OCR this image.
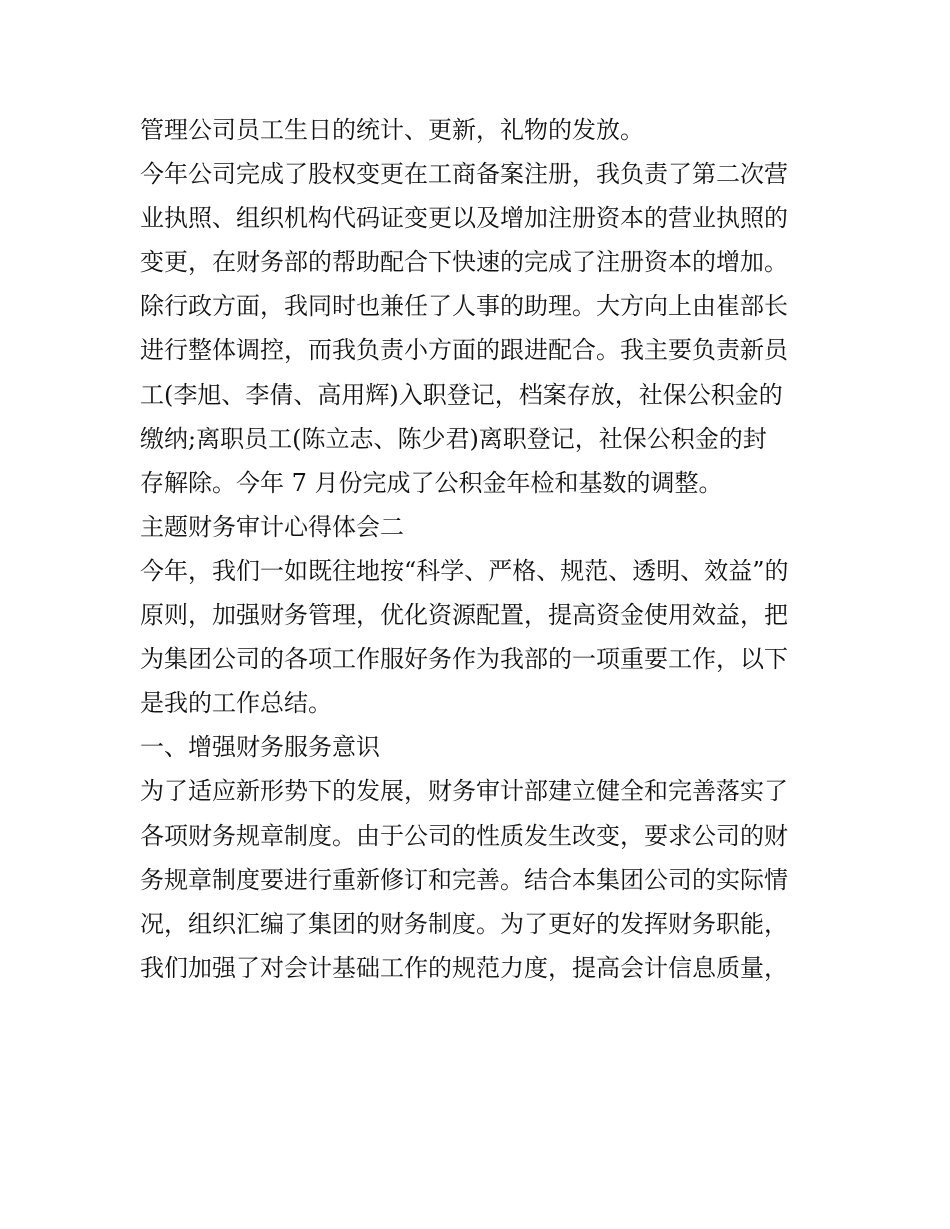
管理公司员工生日的统计、更新，礼物的发放。
今年公司完成了股权变更在工商备案注册，我负责了第二次营
业执照、组织机构代码证变更以及增加注册资本的营业执照的
变更，在财务部的帮助配合下快速的完成了注册资本的增加。
除行政方面，我同时也兼任了人事的助理。大方向上由崔部长
进行整体调控，而我负责小方面的跟进配合。我主要负责新员
工(李旭、李倩、高用辉)入职登记，档案存放，社保公积金的
缴纳;离职员工(陈立志、陈少君)离职登记，社保公积金的封
存解除。今年 7 月份完成了公积金年检和基数的调整。
主题财务审计心得体会二
今年，我们一如既往地按“科学、严格、规范、透明、效益”的
原则，加强财务管理，优化资源配置，提高资金使用效益，把
为集团公司的各项工作服好务作为我部的一项重要工作，以下
是我的工作总结。
一、增强财务服务意识
为了适应新形势下的发展，财务审计部建立健全和完善落实了
各项财务规章制度。由于公司的性质发生改变，要求公司的财
务规章制度要进行重新修订和完善。结合本集团公司的实际情
况，组织汇编了集团的财务制度。为了更好的发挥财务职能，
我们加强了对会计基础工作的规范力度，提高会计信息质量，
